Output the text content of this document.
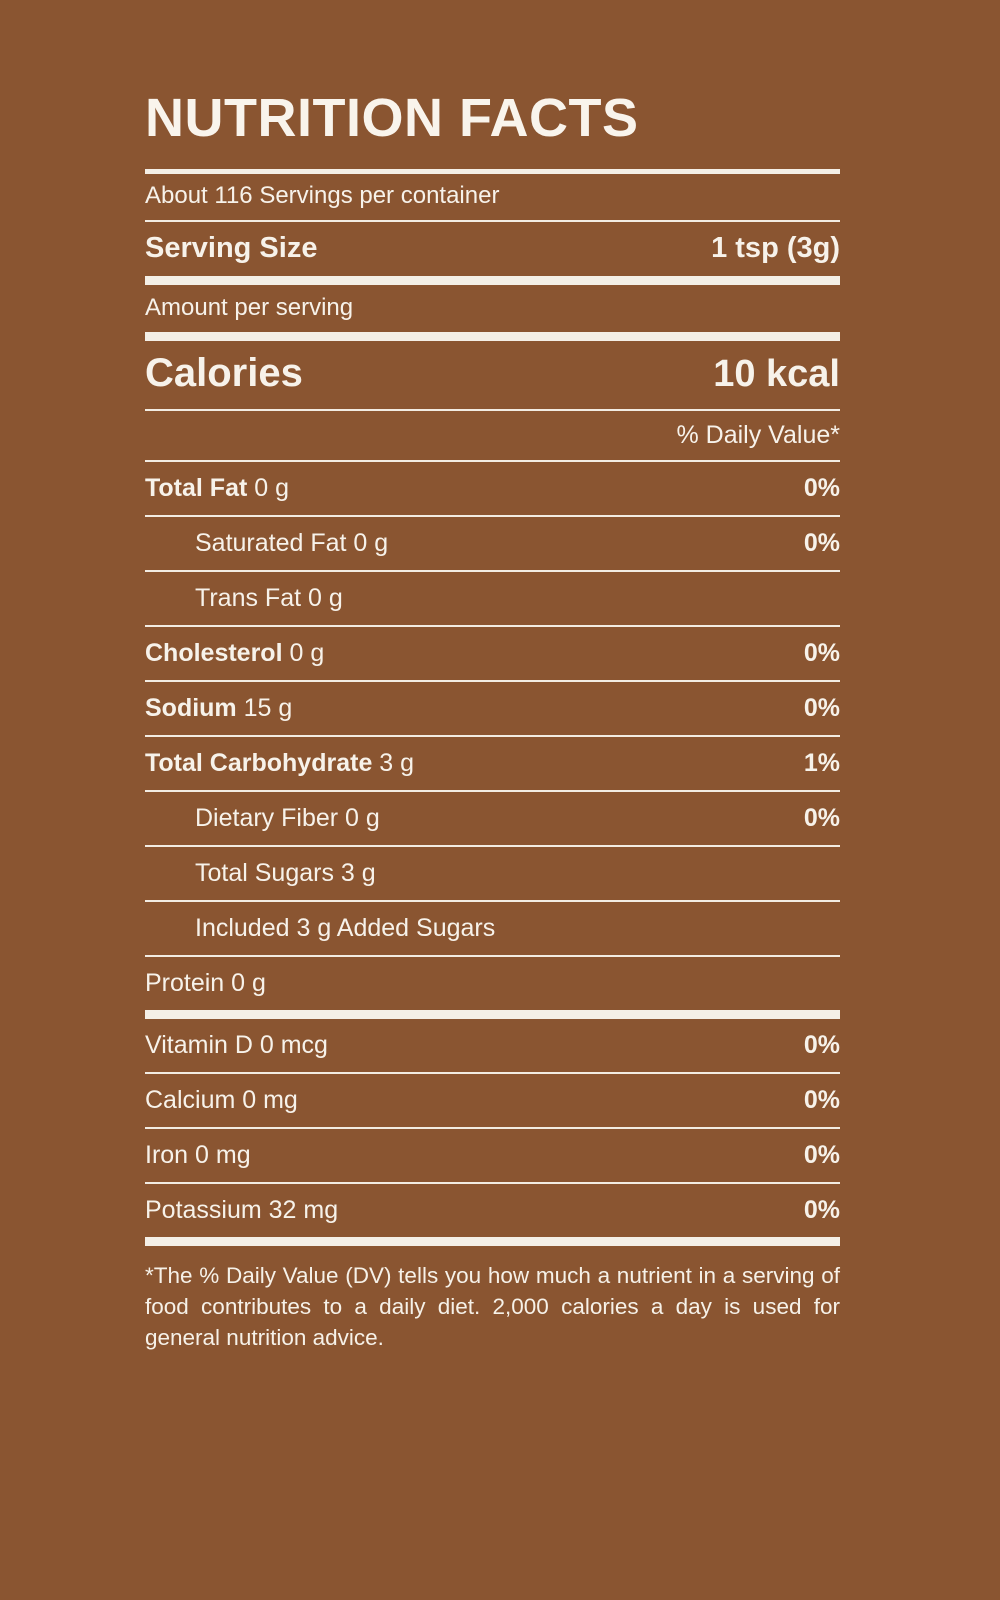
NUTRITION FACTS
About 116 Servings per container
Serving Size	1 tsp (3g)
Amount per serving
Calories	10 kcal
% Daily Value*
Total Fat 0 g	0%
Saturated Fat 0 g	0%
Trans Fat 0 g
Cholesterol 0 g	0%
Sodium 15 g	0%
Total Carbohydrate 3 g	1%
Dietary Fiber 0 g	0%
Total Sugars 3 g
Included 3 g Added Sugars
Protein 0 g
Vitamin D 0 mcg	0%
Calcium 0 mg	0%
Iron 0 mg	0%
Potassium 32 mg	0%
*The % Daily Value (DV) tells you how much a nutrient in a serving of food contributes to a daily diet. 2,000 calories a day is used for general nutrition advice.
